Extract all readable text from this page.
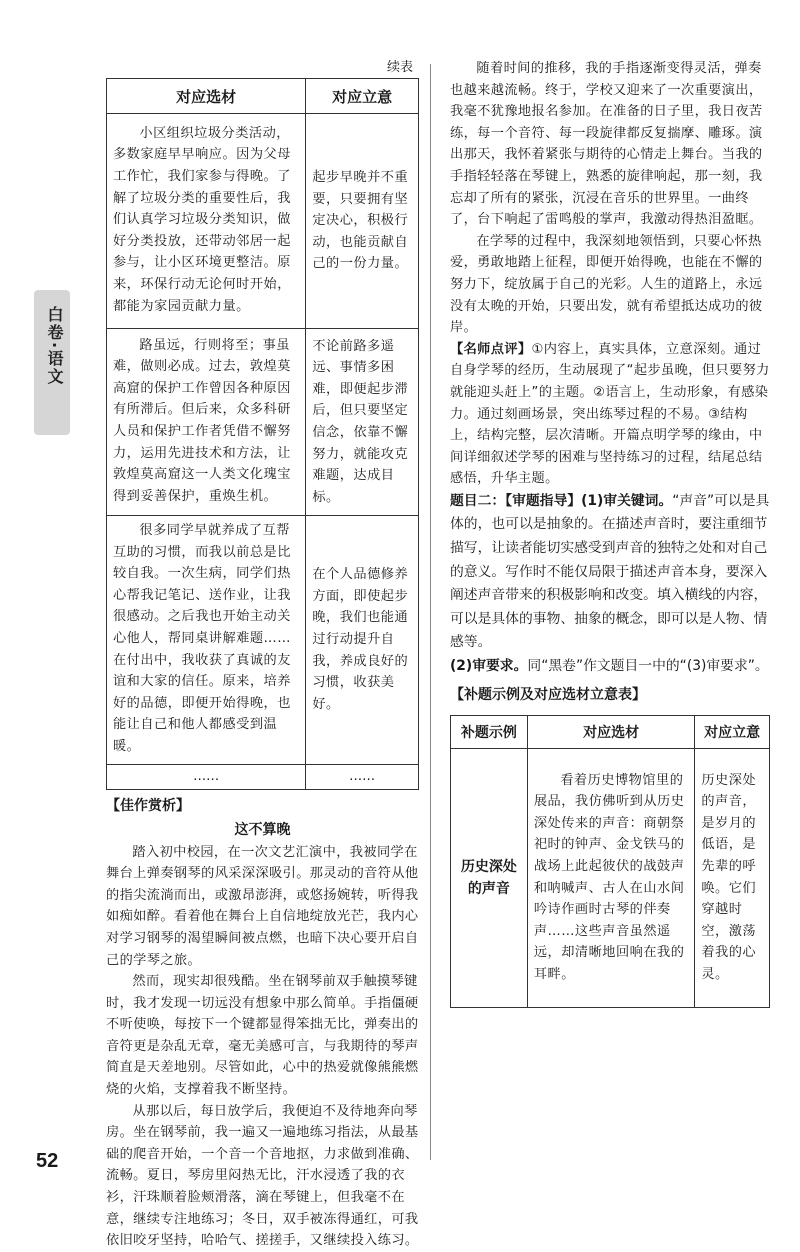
白卷·语文
续表
对应选材	对应立意
小区组织垃圾分类活动，多数家庭早早响应。因为父母工作忙，我们家参与得晚。了解了垃圾分类的重要性后，我们认真学习垃圾分类知识，做好分类投放，还带动邻居一起参与，让小区环境更整洁。原来，环保行动无论何时开始，都能为家园贡献力量。	起步早晚并不重要，只要拥有坚定决心，积极行动，也能贡献自己的一份力量。
路虽远，行则将至；事虽难，做则必成。过去，敦煌莫高窟的保护工作曾因各种原因有所滞后。但后来，众多科研人员和保护工作者凭借不懈努力，运用先进技术和方法，让敦煌莫高窟这一人类文化瑰宝得到妥善保护，重焕生机。	不论前路多遥远、事情多困难，即便起步滞后，但只要坚定信念，依靠不懈努力，就能攻克难题，达成目标。
很多同学早就养成了互帮互助的习惯，而我以前总是比较自我。一次生病，同学们热心帮我记笔记、送作业，让我很感动。之后我也开始主动关心他人，帮同桌讲解难题……在付出中，我收获了真诚的友谊和大家的信任。原来，培养好的品德，即便开始得晚，也能让自己和他人都感受到温暖。	在个人品德修养方面，即使起步晚，我们也能通过行动提升自我，养成良好的习惯，收获美好。
……	……
【佳作赏析】
这不算晚

踏入初中校园，在一次文艺汇演中，我被同学在舞台上弹奏钢琴的风采深深吸引。那灵动的音符从他的指尖流淌而出，或激昂澎湃，或悠扬婉转，听得我如痴如醉。看着他在舞台上自信地绽放光芒，我内心对学习钢琴的渴望瞬间被点燃，也暗下决心要开启自己的学琴之旅。

然而，现实却很残酷。坐在钢琴前双手触摸琴键时，我才发现一切远没有想象中那么简单。手指僵硬不听使唤，每按下一个键都显得笨拙无比，弹奏出的音符更是杂乱无章，毫无美感可言，与我期待的琴声简直是天差地别。尽管如此，心中的热爱就像熊熊燃烧的火焰，支撑着我不断坚持。

从那以后，每日放学后，我便迫不及待地奔向琴房。坐在钢琴前，我一遍又一遍地练习指法，从最基础的爬音开始，一个音一个音地抠，力求做到准确、流畅。夏日，琴房里闷热无比，汗水浸透了我的衣衫，汗珠顺着脸颊滑落，滴在琴键上，但我毫不在意，继续专注地练习；冬日，双手被冻得通红，可我依旧咬牙坚持，哈哈气、搓搓手，又继续投入练习。

随着时间的推移，我的手指逐渐变得灵活，弹奏也越来越流畅。终于，学校又迎来了一次重要演出，我毫不犹豫地报名参加。在准备的日子里，我日夜苦练，每一个音符、每一段旋律都反复揣摩、雕琢。演出那天，我怀着紧张与期待的心情走上舞台。当我的手指轻轻落在琴键上，熟悉的旋律响起，那一刻，我忘却了所有的紧张，沉浸在音乐的世界里。一曲终了，台下响起了雷鸣般的掌声，我激动得热泪盈眶。

在学琴的过程中，我深刻地领悟到，只要心怀热爱，勇敢地踏上征程，即便开始得晚，也能在不懈的努力下，绽放属于自己的光彩。人生的道路上，永远没有太晚的开始，只要出发，就有希望抵达成功的彼岸。

【名师点评】①内容上，真实具体，立意深刻。通过自身学琴的经历，生动展现了“起步虽晚，但只要努力就能迎头赶上”的主题。②语言上，生动形象，有感染力。通过刻画场景，突出练琴过程的不易。③结构上，结构完整，层次清晰。开篇点明学琴的缘由，中间详细叙述学琴的困难与坚持练习的过程，结尾总结感悟，升华主题。

题目二：【审题指导】(1)审关键词。“声音”可以是具体的，也可以是抽象的。在描述声音时，要注重细节描写，让读者能切实感受到声音的独特之处和对自己的意义。写作时不能仅局限于描述声音本身，要深入阐述声音带来的积极影响和改变。填入横线的内容，可以是具体的事物、抽象的概念，即可以是人物、情感等。

(2)审要求。同“黑卷”作文题目一中的“(3)审要求”。

【补题示例及对应选材立意表】
补题示例	对应选材	对应立意
历史深处的声音	看着历史博物馆里的展品，我仿佛听到从历史深处传来的声音：商朝祭祀时的钟声、金戈铁马的战场上此起彼伏的战鼓声和呐喊声、古人在山水间吟诗作画时古琴的伴奏声……这些声音虽然遥远，却清晰地回响在我的耳畔。	历史深处的声音，是岁月的低语，是先辈的呼唤。它们穿越时空，激荡着我的心灵。
52
